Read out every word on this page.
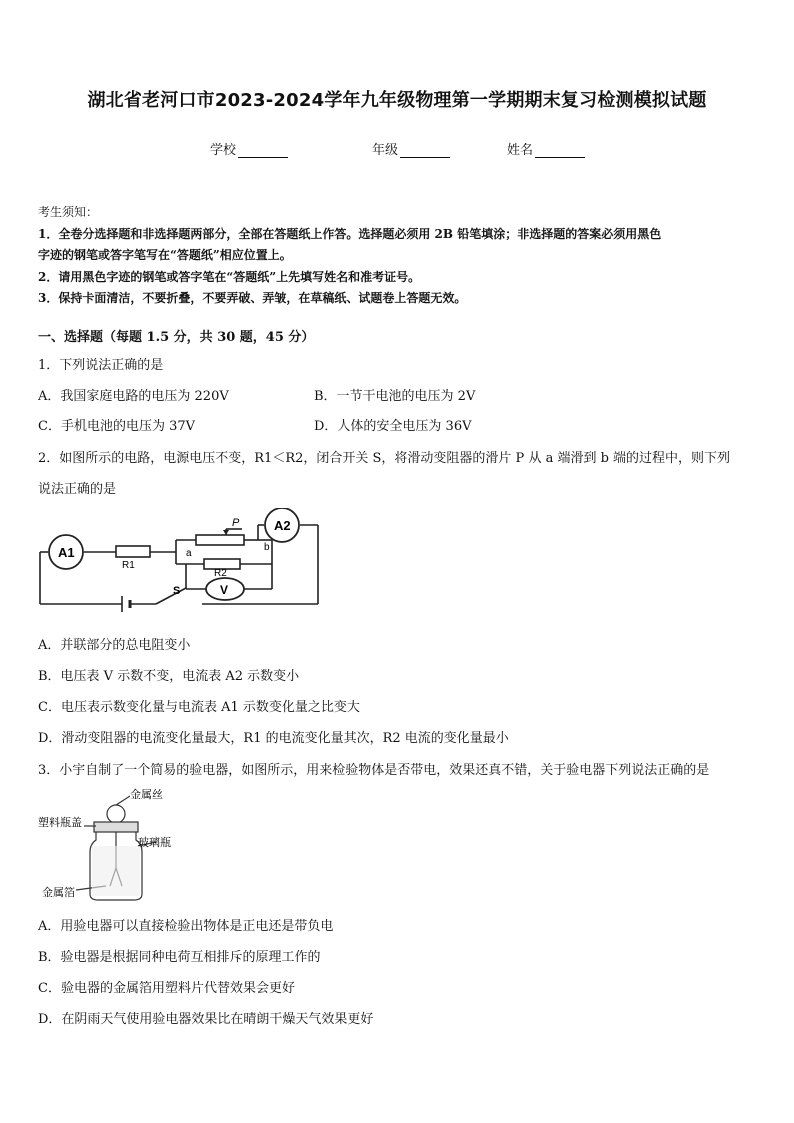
湖北省老河口市2023-2024学年九年级物理第一学期期末复习检测模拟试题
学校	年级	姓名
考生须知：
1．全卷分选择题和非选择题两部分，全部在答题纸上作答。选择题必须用 2B 铅笔填涂；非选择题的答案必须用黑色
字迹的钢笔或答字笔写在“答题纸”相应位置上。
2．请用黑色字迹的钢笔或答字笔在“答题纸”上先填写姓名和准考证号。
3．保持卡面清洁，不要折叠，不要弄破、弄皱，在草稿纸、试题卷上答题无效。
一、选择题（每题 1.5 分，共 30 题，45 分）
1．下列说法正确的是
A．我国家庭电路的电压为 220V	B．一节干电池的电压为 2V
C．手机电池的电压为 37V	D．人体的安全电压为 36V
2．如图所示的电路，电源电压不变，R1＜R2，闭合开关 S，将滑动变阻器的滑片 P 从 a 端滑到 b 端的过程中，则下列
说法正确的是
A1
A2
V
R1
R2
P
a
b
S
A．并联部分的总电阻变小
B．电压表 V 示数不变，电流表 A2 示数变小
C．电压表示数变化量与电流表 A1 示数变化量之比变大
D．滑动变阻器的电流变化量最大，R1 的电流变化量其次，R2 电流的变化量最小
3．小宇自制了一个简易的验电器，如图所示，用来检验物体是否带电，效果还真不错，关于验电器下列说法正确的是
金属丝
塑料瓶盖
玻璃瓶
金属箔
A．用验电器可以直接检验出物体是正电还是带负电
B．验电器是根据同种电荷互相排斥的原理工作的
C．验电器的金属箔用塑料片代替效果会更好
D．在阴雨天气使用验电器效果比在晴朗干燥天气效果更好
